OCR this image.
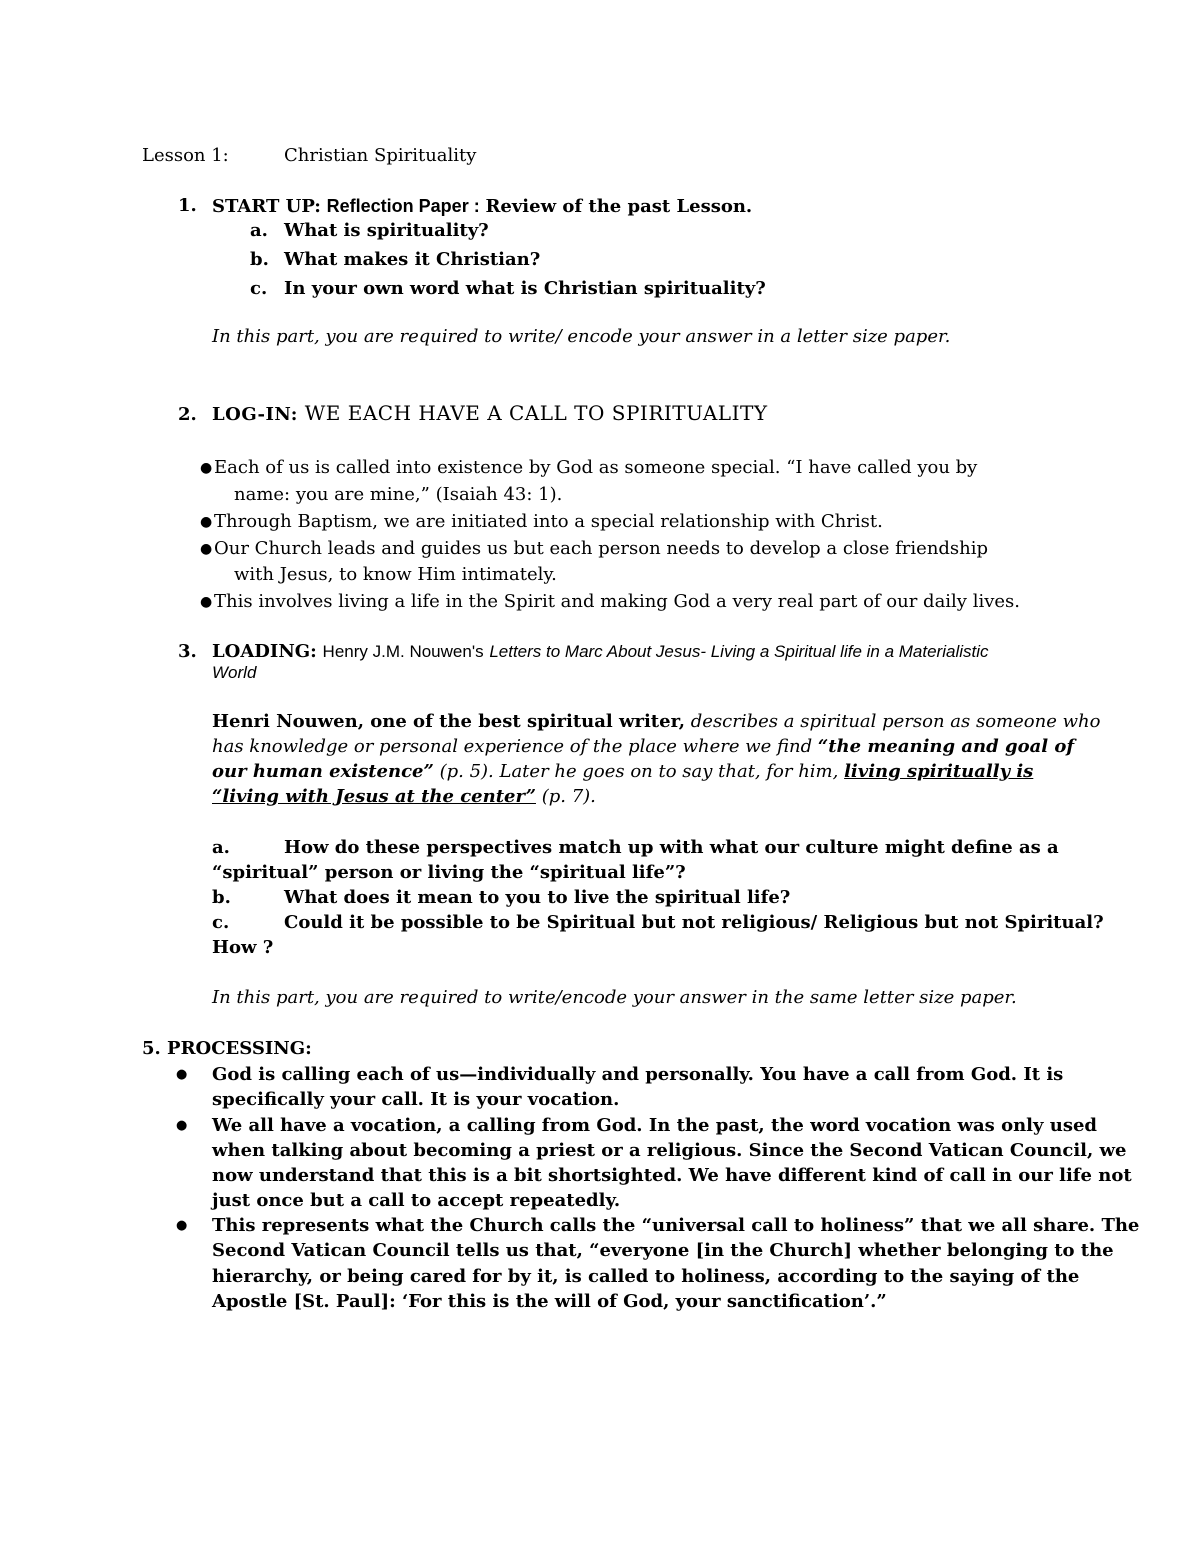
Lesson 1:	Christian Spirituality
1. START UP: Reflection Paper : Review of the past Lesson.
a. What is spirituality?
b. What makes it Christian?
c. In your own word what is Christian spirituality?
In this part, you are required to write/ encode your answer in a letter size paper.
2. LOG-IN: WE EACH HAVE A CALL TO SPIRITUALITY
● Each of us is called into existence by God as someone special. “I have called you by
name: you are mine,” (Isaiah 43: 1).
● Through Baptism, we are initiated into a special relationship with Christ.
● Our Church leads and guides us but each person needs to develop a close friendship
with Jesus, to know Him intimately.
● This involves living a life in the Spirit and making God a very real part of our daily lives.
3. LOADING: Henry J.M. Nouwen's Letters to Marc About Jesus- Living a Spiritual life in a Materialistic
World
Henri Nouwen, one of the best spiritual writer, describes a spiritual person as someone who
has knowledge or personal experience of the place where we find “the meaning and goal of
our human existence” (p. 5). Later he goes on to say that, for him, living spiritually is
“living with Jesus at the center” (p. 7).
a.	How do these perspectives match up with what our culture might define as a
“spiritual” person or living the “spiritual life”?
b.	What does it mean to you to live the spiritual life?
c.	Could it be possible to be Spiritual but not religious/ Religious but not Spiritual?
How ?
In this part, you are required to write/encode your answer in the same letter size paper.
5. PROCESSING:
● God is calling each of us—individually and personally. You have a call from God. It is
specifically your call. It is your vocation.
● We all have a vocation, a calling from God. In the past, the word vocation was only used
when talking about becoming a priest or a religious. Since the Second Vatican Council, we
now understand that this is a bit shortsighted. We have different kind of call in our life not
just once but a call to accept repeatedly.
● This represents what the Church calls the “universal call to holiness” that we all share. The
Second Vatican Council tells us that, “everyone [in the Church] whether belonging to the
hierarchy, or being cared for by it, is called to holiness, according to the saying of the
Apostle [St. Paul]: ‘For this is the will of God, your sanctification’.”
